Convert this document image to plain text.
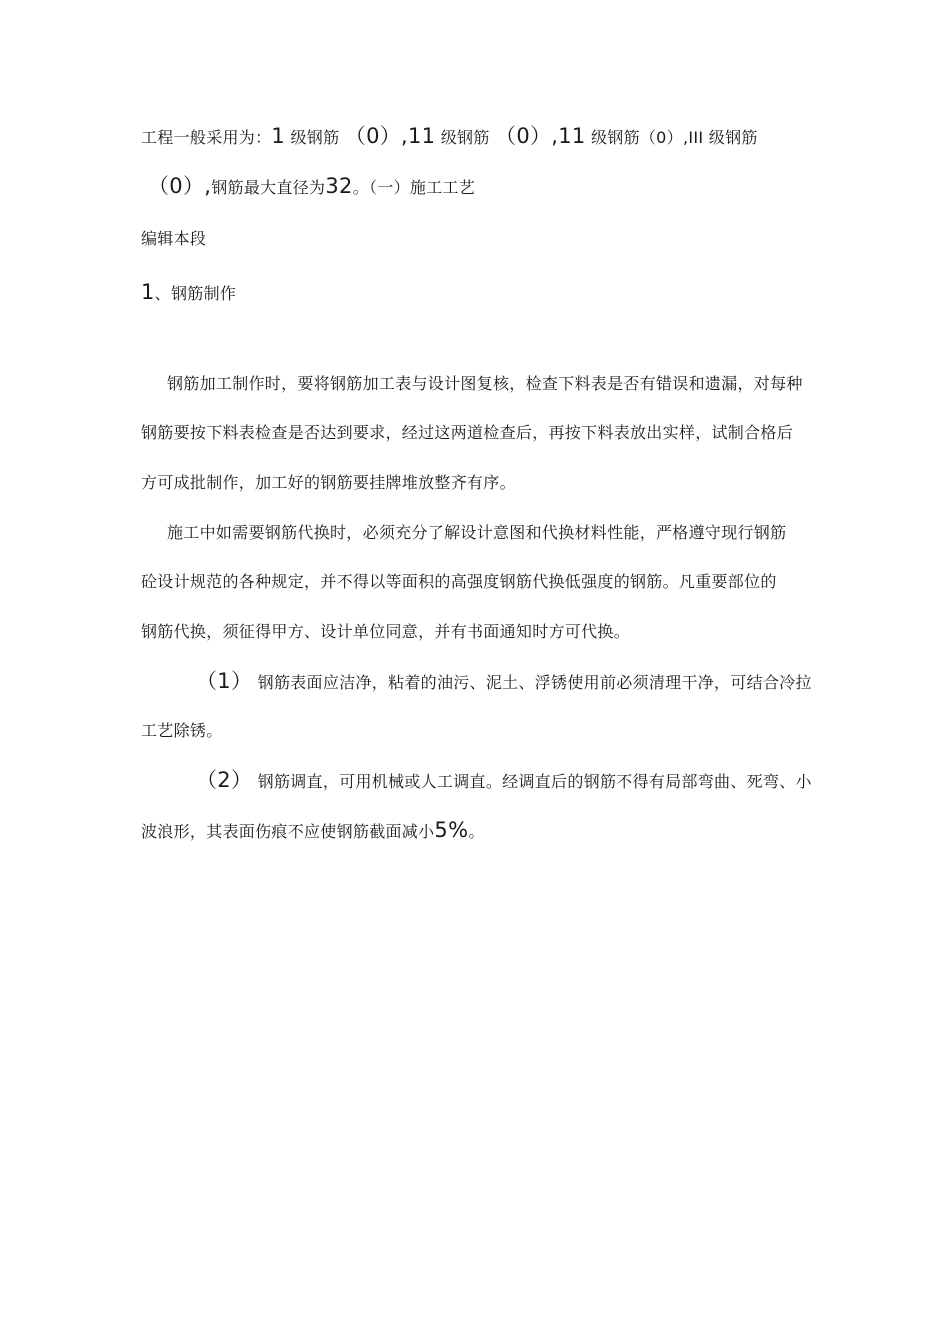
工程一般采用为：1 级钢筋 （0）,11 级钢筋 （0）,11 级钢筋（0）,III 级钢筋
（0）,钢筋最大直径为32。（一）施工工艺
编辑本段
1、钢筋制作
钢筋加工制作时，要将钢筋加工表与设计图复核，检查下料表是否有错误和遗漏，对每种
钢筋要按下料表检查是否达到要求，经过这两道检查后，再按下料表放出实样，试制合格后
方可成批制作，加工好的钢筋要挂牌堆放整齐有序。
施工中如需要钢筋代换时，必须充分了解设计意图和代换材料性能，严格遵守现行钢筋
砼设计规范的各种规定，并不得以等面积的高强度钢筋代换低强度的钢筋。凡重要部位的
钢筋代换，须征得甲方、设计单位同意，并有书面通知时方可代换。
（1） 钢筋表面应洁净，粘着的油污、泥土、浮锈使用前必须清理干净，可结合冷拉
工艺除锈。
（2） 钢筋调直，可用机械或人工调直。经调直后的钢筋不得有局部弯曲、死弯、小
波浪形，其表面伤痕不应使钢筋截面减小5%。
